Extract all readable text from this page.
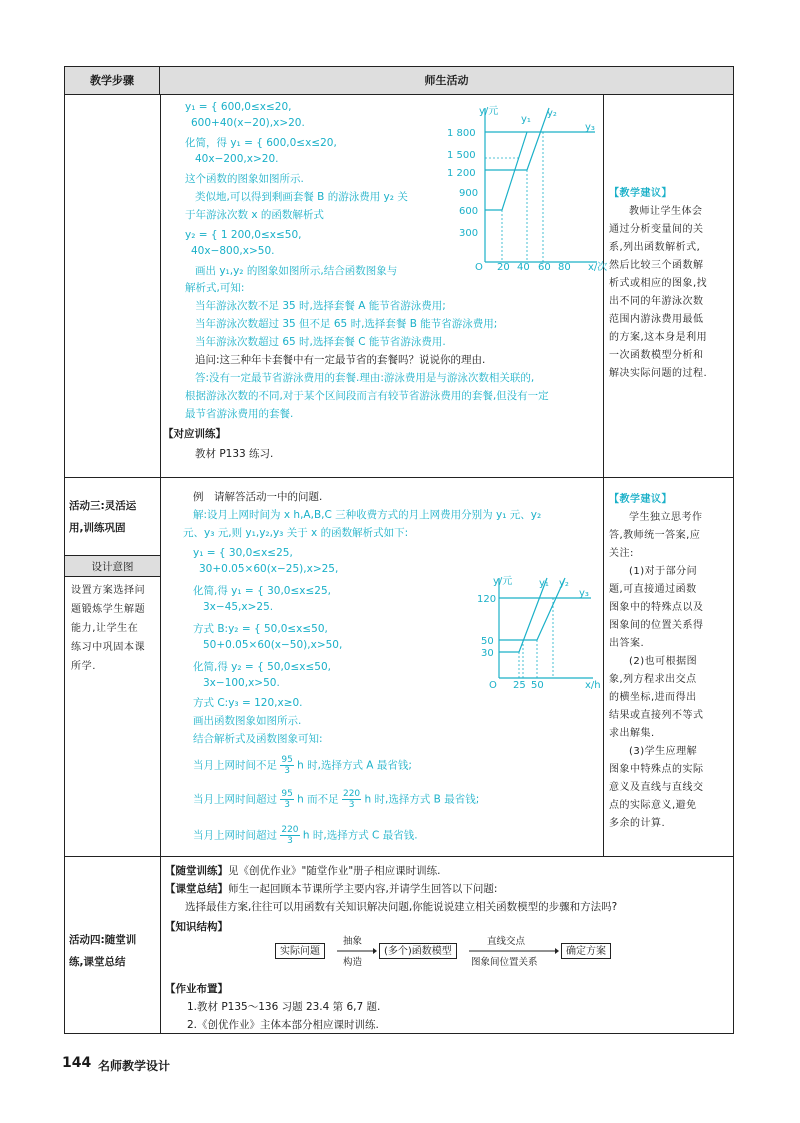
教学步骤	师生活动
y₁ = { 600,0≤x≤20,
600+40(x−20),x>20.
化简，得 y₁ = { 600,0≤x≤20,
40x−200,x>20.
这个函数的图象如图所示.
类似地,可以得到剩画套餐 B 的游泳费用 y₂ 关
于年游泳次数 x 的函数解析式
y₂ = { 1 200,0≤x≤50,
40x−800,x>50.
画出 y₁,y₂ 的图象如图所示,结合函数图象与
解析式,可知:
当年游泳次数不足 35 时,选择套餐 A 能节省游泳费用;
当年游泳次数超过 35 但不足 65 时,选择套餐 B 能节省游泳费用;
当年游泳次数超过 65 时,选择套餐 C 能节省游泳费用.
追问:这三种年卡套餐中有一定最节省的套餐吗？说说你的理由.
答:没有一定最节省游泳费用的套餐.理由:游泳费用是与游泳次数相关联的,
根据游泳次数的不同,对于某个区间段而言有较节省游泳费用的套餐,但没有一定
最节省游泳费用的套餐.
【对应训练】
教材 P133 练习.
y/元
x/次
O
1 800
1 500
1 200
900
600
300
20 40 60 80
y₁
y₂
y₃
【教学建议】
教师让学生体会
通过分析变量间的关
系,列出函数解析式,
然后比较三个函数解
析式或相应的图象,找
出不同的年游泳次数
范围内游泳费用最低
的方案,这本身是利用
一次函数模型分析和
解决实际问题的过程.
活动三:灵活运
用,训练巩固
设计意图
设置方案选择问
题锻炼学生解题
能力,让学生在
练习中巩固本课
所学.
例　请解答活动一中的问题.
解:设月上网时间为 x h,A,B,C 三种收费方式的月上网费用分别为 y₁ 元、y₂
元、y₃ 元,则 y₁,y₂,y₃ 关于 x 的函数解析式如下:
y₁ = { 30,0≤x≤25,
30+0.05×60(x−25),x>25,
化简,得 y₁ = { 30,0≤x≤25,
3x−45,x>25.
方式 B:y₂ = { 50,0≤x≤50,
50+0.05×60(x−50),x>50,
化简,得 y₂ = { 50,0≤x≤50,
3x−100,x>50.
方式 C:y₃ = 120,x≥0.
画出函数图象如图所示.
结合解析式及函数图象可知:
当月上网时间不足 $\frac{95}{3}$ h 时,选择方式 A 最省钱;
当月上网时间超过 $\frac{95}{3}$ h 而不足 $\frac{220}{3}$ h 时,选择方式 B 最省钱;
当月上网时间超过 $\frac{220}{3}$ h 时,选择方式 C 最省钱.
y/元
x/h
O
120
50
30
25 50
y₁ y₂
y₃
【教学建议】
学生独立思考作
答,教师统一答案,应
关注:
(1)对于部分问
题,可直接通过函数
图象中的特殊点以及
图象间的位置关系得
出答案.
(2)也可根据图
象,列方程求出交点
的横坐标,进而得出
结果或直接列不等式
求出解集.
(3)学生应理解
图象中特殊点的实际
意义及直线与直线交
点的实际意义,避免
多余的计算.
活动四:随堂训
练,课堂总结
【随堂训练】见《创优作业》"随堂作业"册子相应课时训练.
【课堂总结】师生一起回顾本节课所学主要内容,并请学生回答以下问题:
选择最佳方案,往往可以用函数有关知识解决问题,你能说说建立相关函数模型的步骤和方法吗?
【知识结构】
实际问题
抽象
构造
(多个)函数模型
直线交点
图象间位置关系
确定方案
【作业布置】
1.教材 P135～136 习题 23.4 第 6,7 题.
2.《创优作业》主体本部分相应课时训练.
144 名师教学设计
